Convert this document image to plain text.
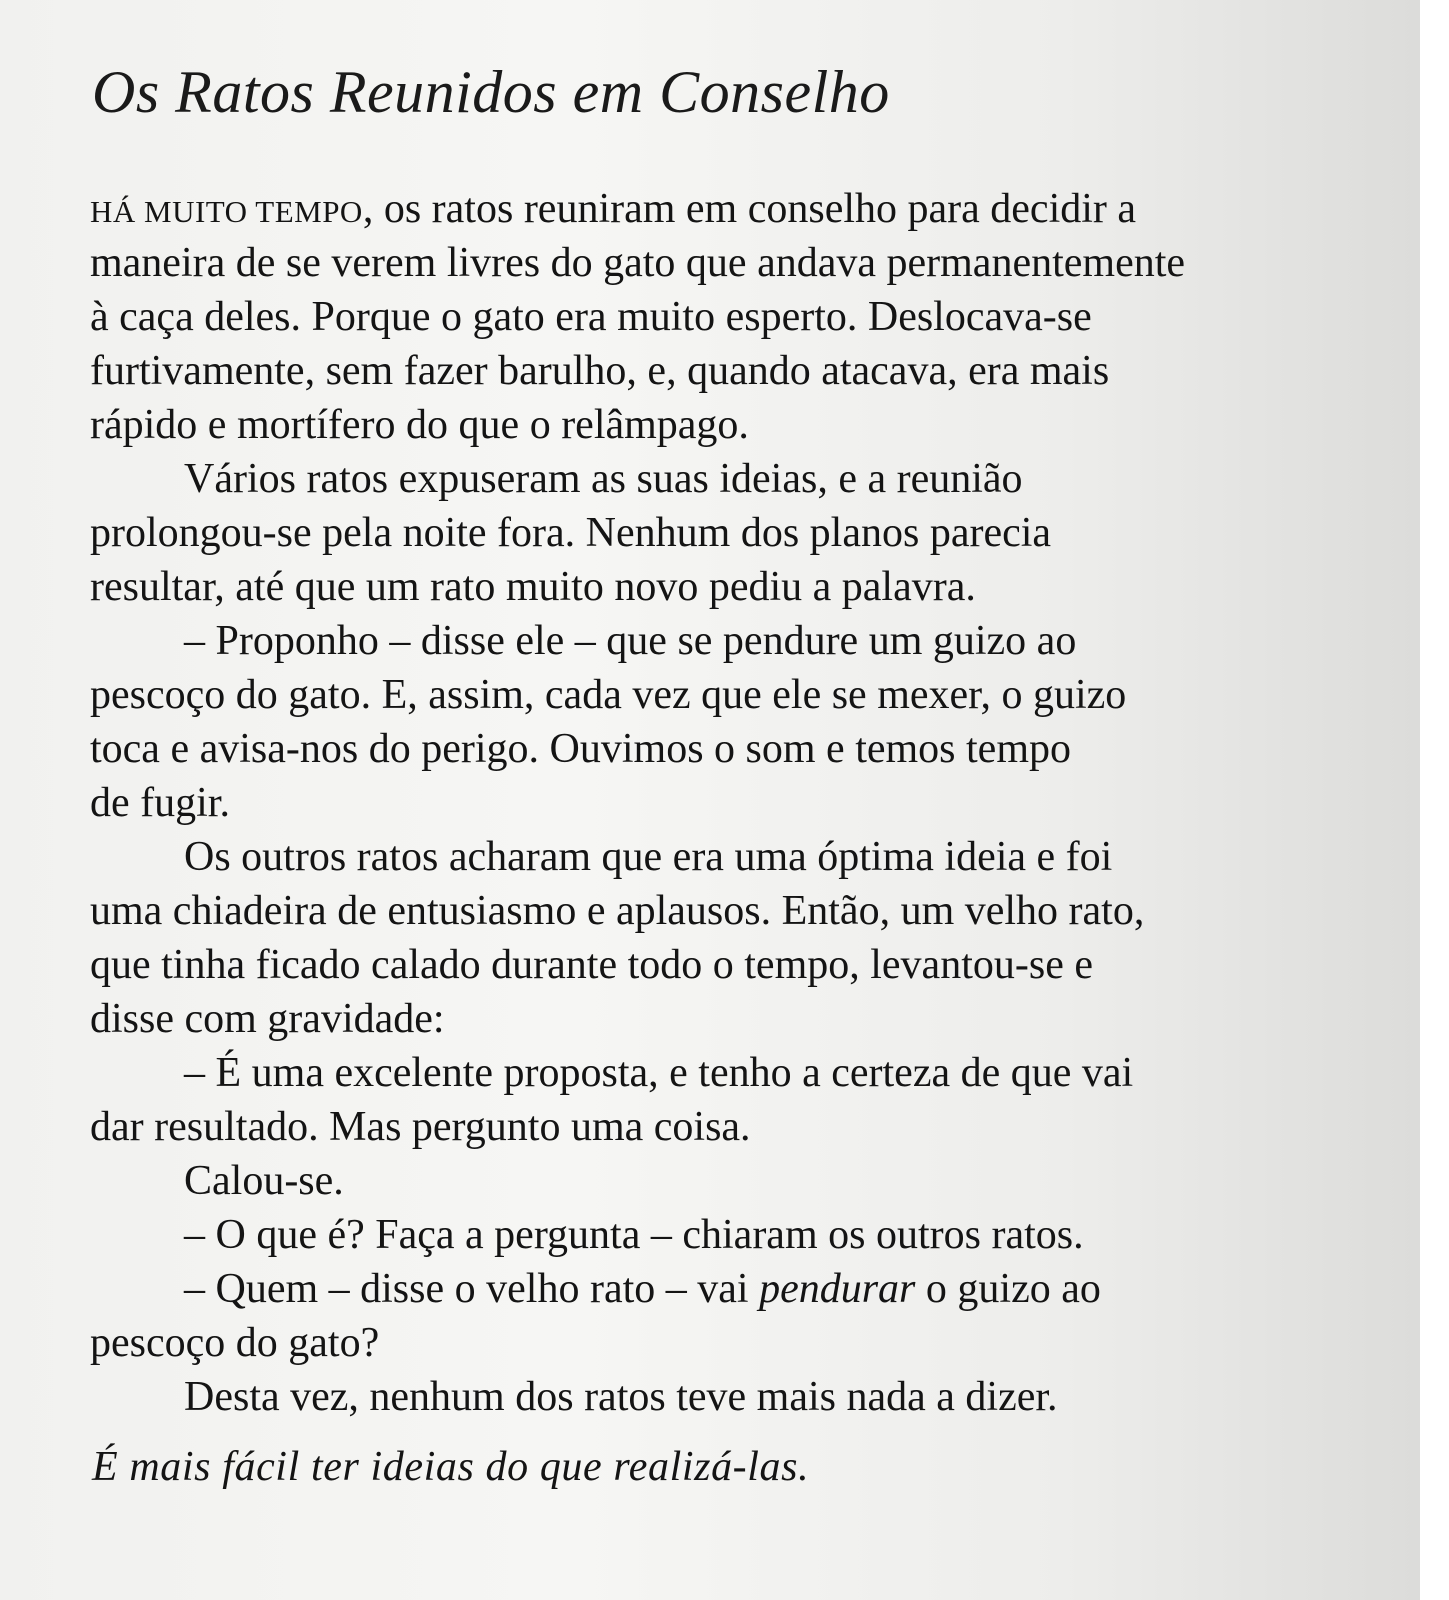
Os Ratos Reunidos em Conselho
HÁ MUITO TEMPO, os ratos reuniram em conselho para decidir a
maneira de se verem livres do gato que andava permanentemente
à caça deles. Porque o gato era muito esperto. Deslocava-se
furtivamente, sem fazer barulho, e, quando atacava, era mais
rápido e mortífero do que o relâmpago.
Vários ratos expuseram as suas ideias, e a reunião
prolongou-se pela noite fora. Nenhum dos planos parecia
resultar, até que um rato muito novo pediu a palavra.
– Proponho – disse ele – que se pendure um guizo ao
pescoço do gato. E, assim, cada vez que ele se mexer, o guizo
toca e avisa-nos do perigo. Ouvimos o som e temos tempo
de fugir.
Os outros ratos acharam que era uma óptima ideia e foi
uma chiadeira de entusiasmo e aplausos. Então, um velho rato,
que tinha ficado calado durante todo o tempo, levantou-se e
disse com gravidade:
– É uma excelente proposta, e tenho a certeza de que vai
dar resultado. Mas pergunto uma coisa.
Calou-se.
– O que é? Faça a pergunta – chiaram os outros ratos.
– Quem – disse o velho rato – vai pendurar o guizo ao
pescoço do gato?
Desta vez, nenhum dos ratos teve mais nada a dizer.

É mais fácil ter ideias do que realizá-las.
